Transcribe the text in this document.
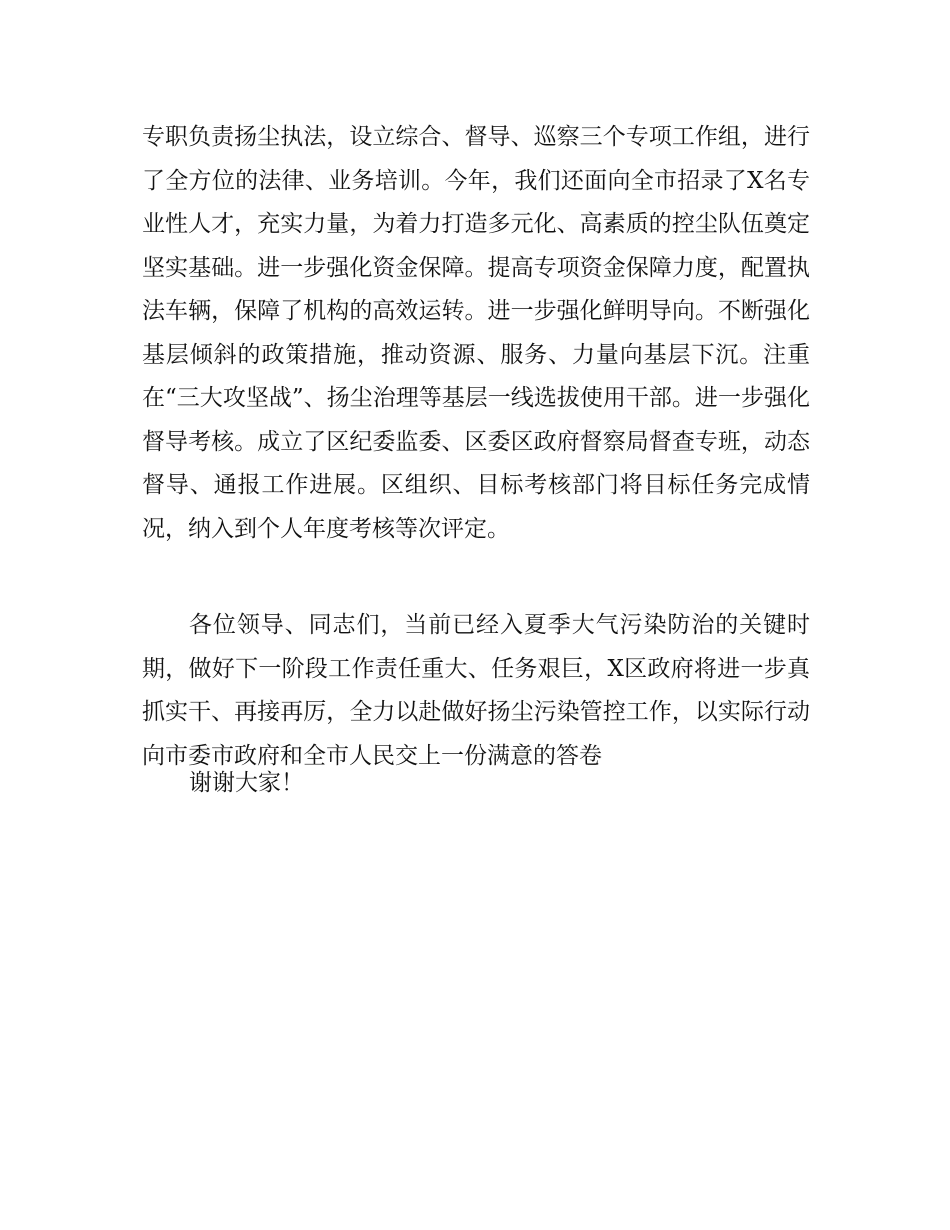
专职负责扬尘执法，设立综合、督导、巡察三个专项工作组，进行了全方位的法律、业务培训。今年，我们还面向全市招录了X名专业性人才，充实力量，为着力打造多元化、高素质的控尘队伍奠定坚实基础。进一步强化资金保障。提高专项资金保障力度，配置执法车辆，保障了机构的高效运转。进一步强化鲜明导向。不断强化基层倾斜的政策措施，推动资源、服务、力量向基层下沉。注重在“三大攻坚战”、扬尘治理等基层一线选拔使用干部。进一步强化督导考核。成立了区纪委监委、区委区政府督察局督查专班，动态督导、通报工作进展。区组织、目标考核部门将目标任务完成情况，纳入到个人年度考核等次评定。

各位领导、同志们，当前已经入夏季大气污染防治的关键时期，做好下一阶段工作责任重大、任务艰巨，X区政府将进一步真抓实干、再接再厉，全力以赴做好扬尘污染管控工作，以实际行动向市委市政府和全市人民交上一份满意的答卷

谢谢大家！
